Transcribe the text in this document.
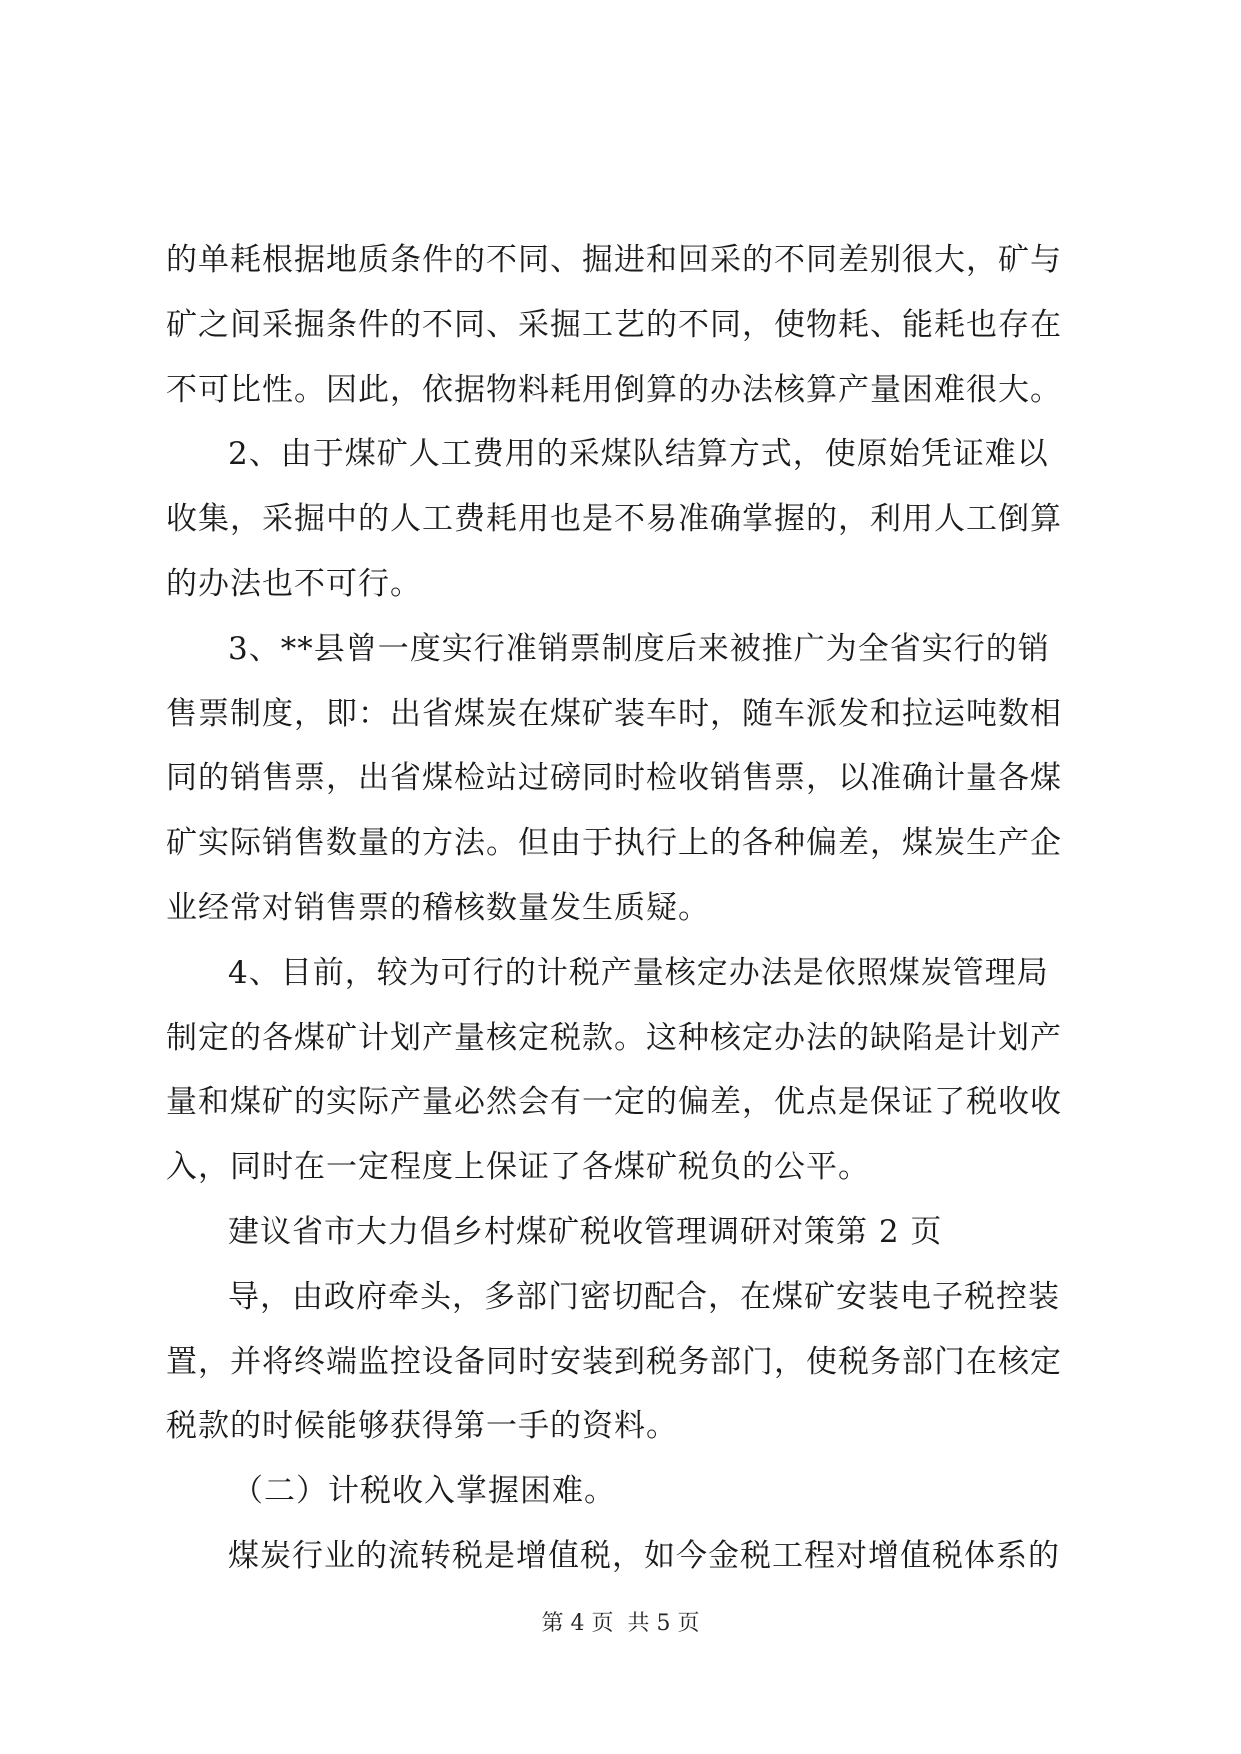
的单耗根据地质条件的不同、掘进和回采的不同差别很大，矿与
矿之间采掘条件的不同、采掘工艺的不同，使物耗、能耗也存在
不可比性。因此，依据物料耗用倒算的办法核算产量困难很大。
2、由于煤矿人工费用的采煤队结算方式，使原始凭证难以
收集，采掘中的人工费耗用也是不易准确掌握的，利用人工倒算
的办法也不可行。
3、**县曾一度实行准销票制度后来被推广为全省实行的销
售票制度，即：出省煤炭在煤矿装车时，随车派发和拉运吨数相
同的销售票，出省煤检站过磅同时检收销售票，以准确计量各煤
矿实际销售数量的方法。但由于执行上的各种偏差，煤炭生产企
业经常对销售票的稽核数量发生质疑。
4、目前，较为可行的计税产量核定办法是依照煤炭管理局
制定的各煤矿计划产量核定税款。这种核定办法的缺陷是计划产
量和煤矿的实际产量必然会有一定的偏差，优点是保证了税收收
入，同时在一定程度上保证了各煤矿税负的公平。
建议省市大力倡乡村煤矿税收管理调研对策第 2 页
导，由政府牵头，多部门密切配合，在煤矿安装电子税控装
置，并将终端监控设备同时安装到税务部门，使税务部门在核定
税款的时候能够获得第一手的资料。
（二）计税收入掌握困难。
煤炭行业的流转税是增值税，如今金税工程对增值税体系的
第 4 页  共 5 页
